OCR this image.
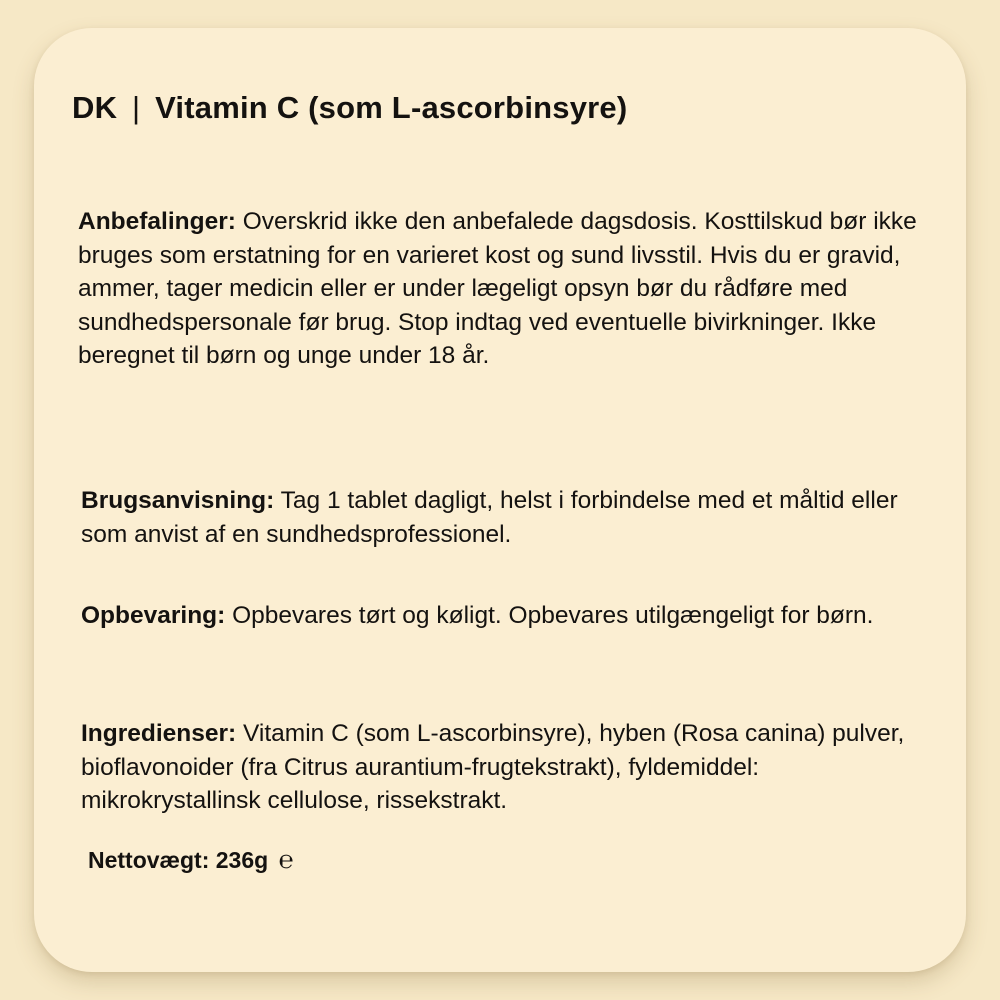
DK | Vitamin C (som L-ascorbinsyre)

Anbefalinger: Overskrid ikke den anbefalede dagsdosis. Kosttilskud bør ikke bruges som erstatning for en varieret kost og sund livsstil. Hvis du er gravid, ammer, tager medicin eller er under lægeligt opsyn bør du rådføre med sundhedspersonale før brug. Stop indtag ved eventuelle bivirkninger. Ikke beregnet til børn og unge under 18 år.

Brugsanvisning: Tag 1 tablet dagligt, helst i forbindelse med et måltid eller som anvist af en sundhedsprofessionel.

Opbevaring: Opbevares tørt og køligt. Opbevares utilgængeligt for børn.

Ingredienser: Vitamin C (som L-ascorbinsyre), hyben (Rosa canina) pulver, bioflavonoider (fra Citrus aurantium-frugtekstrakt), fyldemiddel: mikrokrystallinsk cellulose, rissekstrakt.

Nettovægt: 236g ℮
